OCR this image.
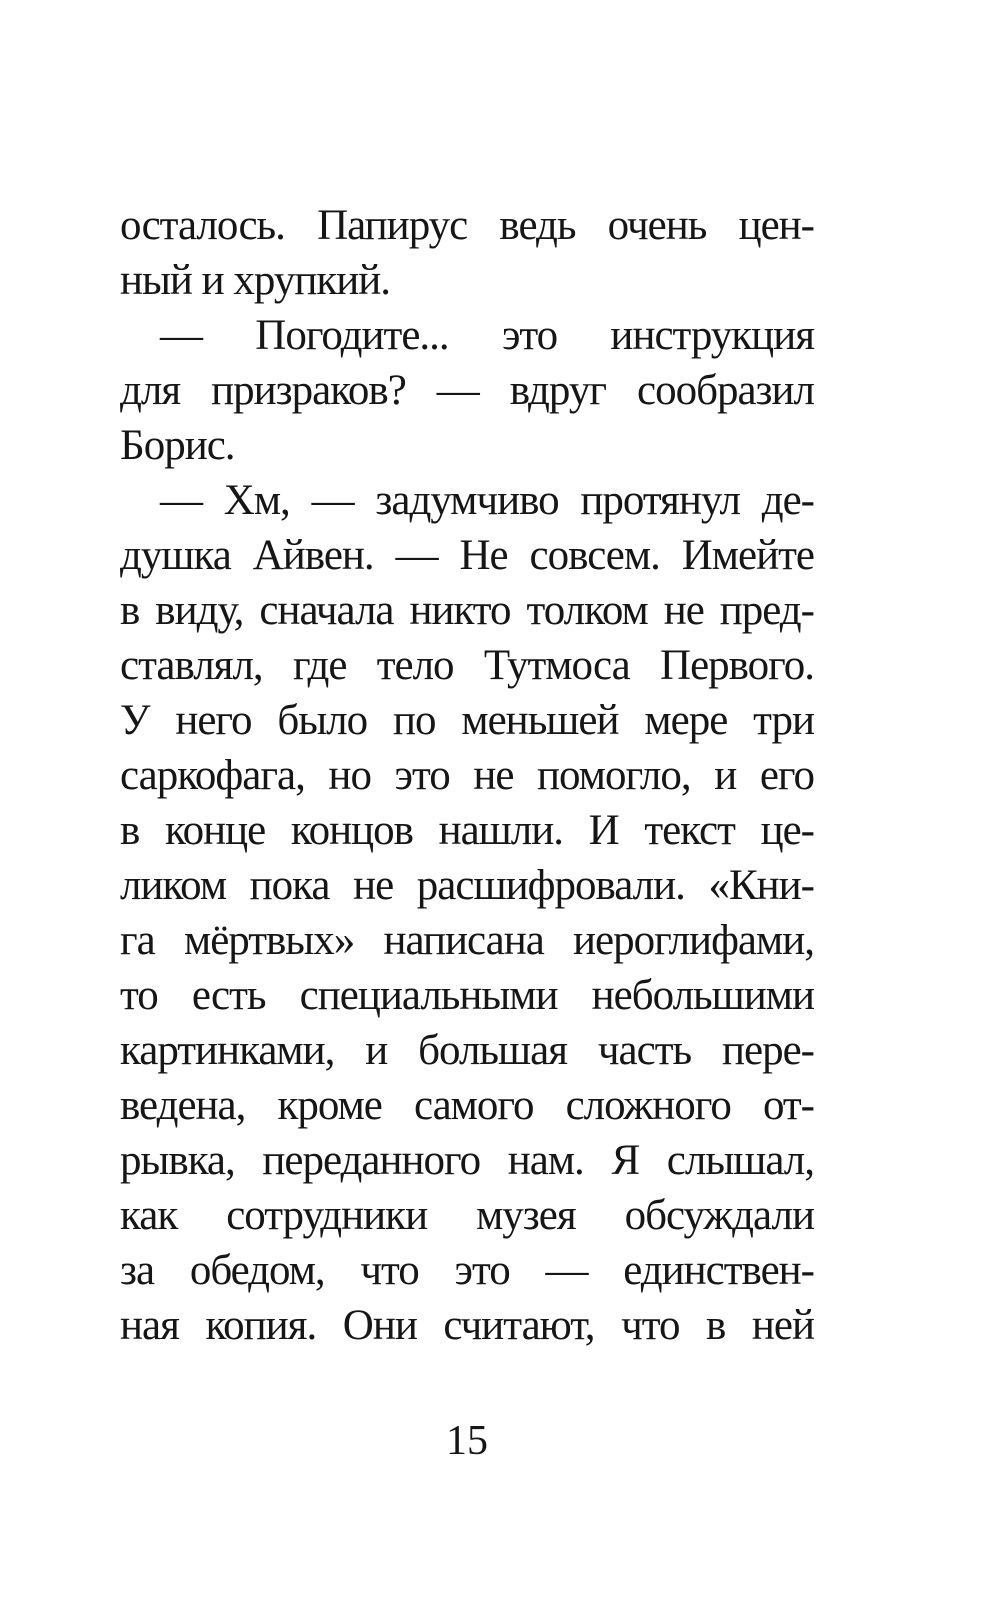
осталось. Папирус ведь очень цен-
ный и хрупкий.
— Погодите... это инструкция
для призраков? — вдруг сообразил
Борис.
— Хм, — задумчиво протянул де-
душка Айвен. — Не совсем. Имейте
в виду, сначала никто толком не пред-
ставлял, где тело Тутмоса Первого.
У него было по меньшей мере три
саркофага, но это не помогло, и его
в конце концов нашли. И текст це-
ликом пока не расшифровали. «Кни-
га мёртвых» написана иероглифами,
то есть специальными небольшими
картинками, и большая часть пере-
ведена, кроме самого сложного от-
рывка, переданного нам. Я слышал,
как сотрудники музея обсуждали
за обедом, что это — единствен-
ная копия. Они считают, что в ней
15
